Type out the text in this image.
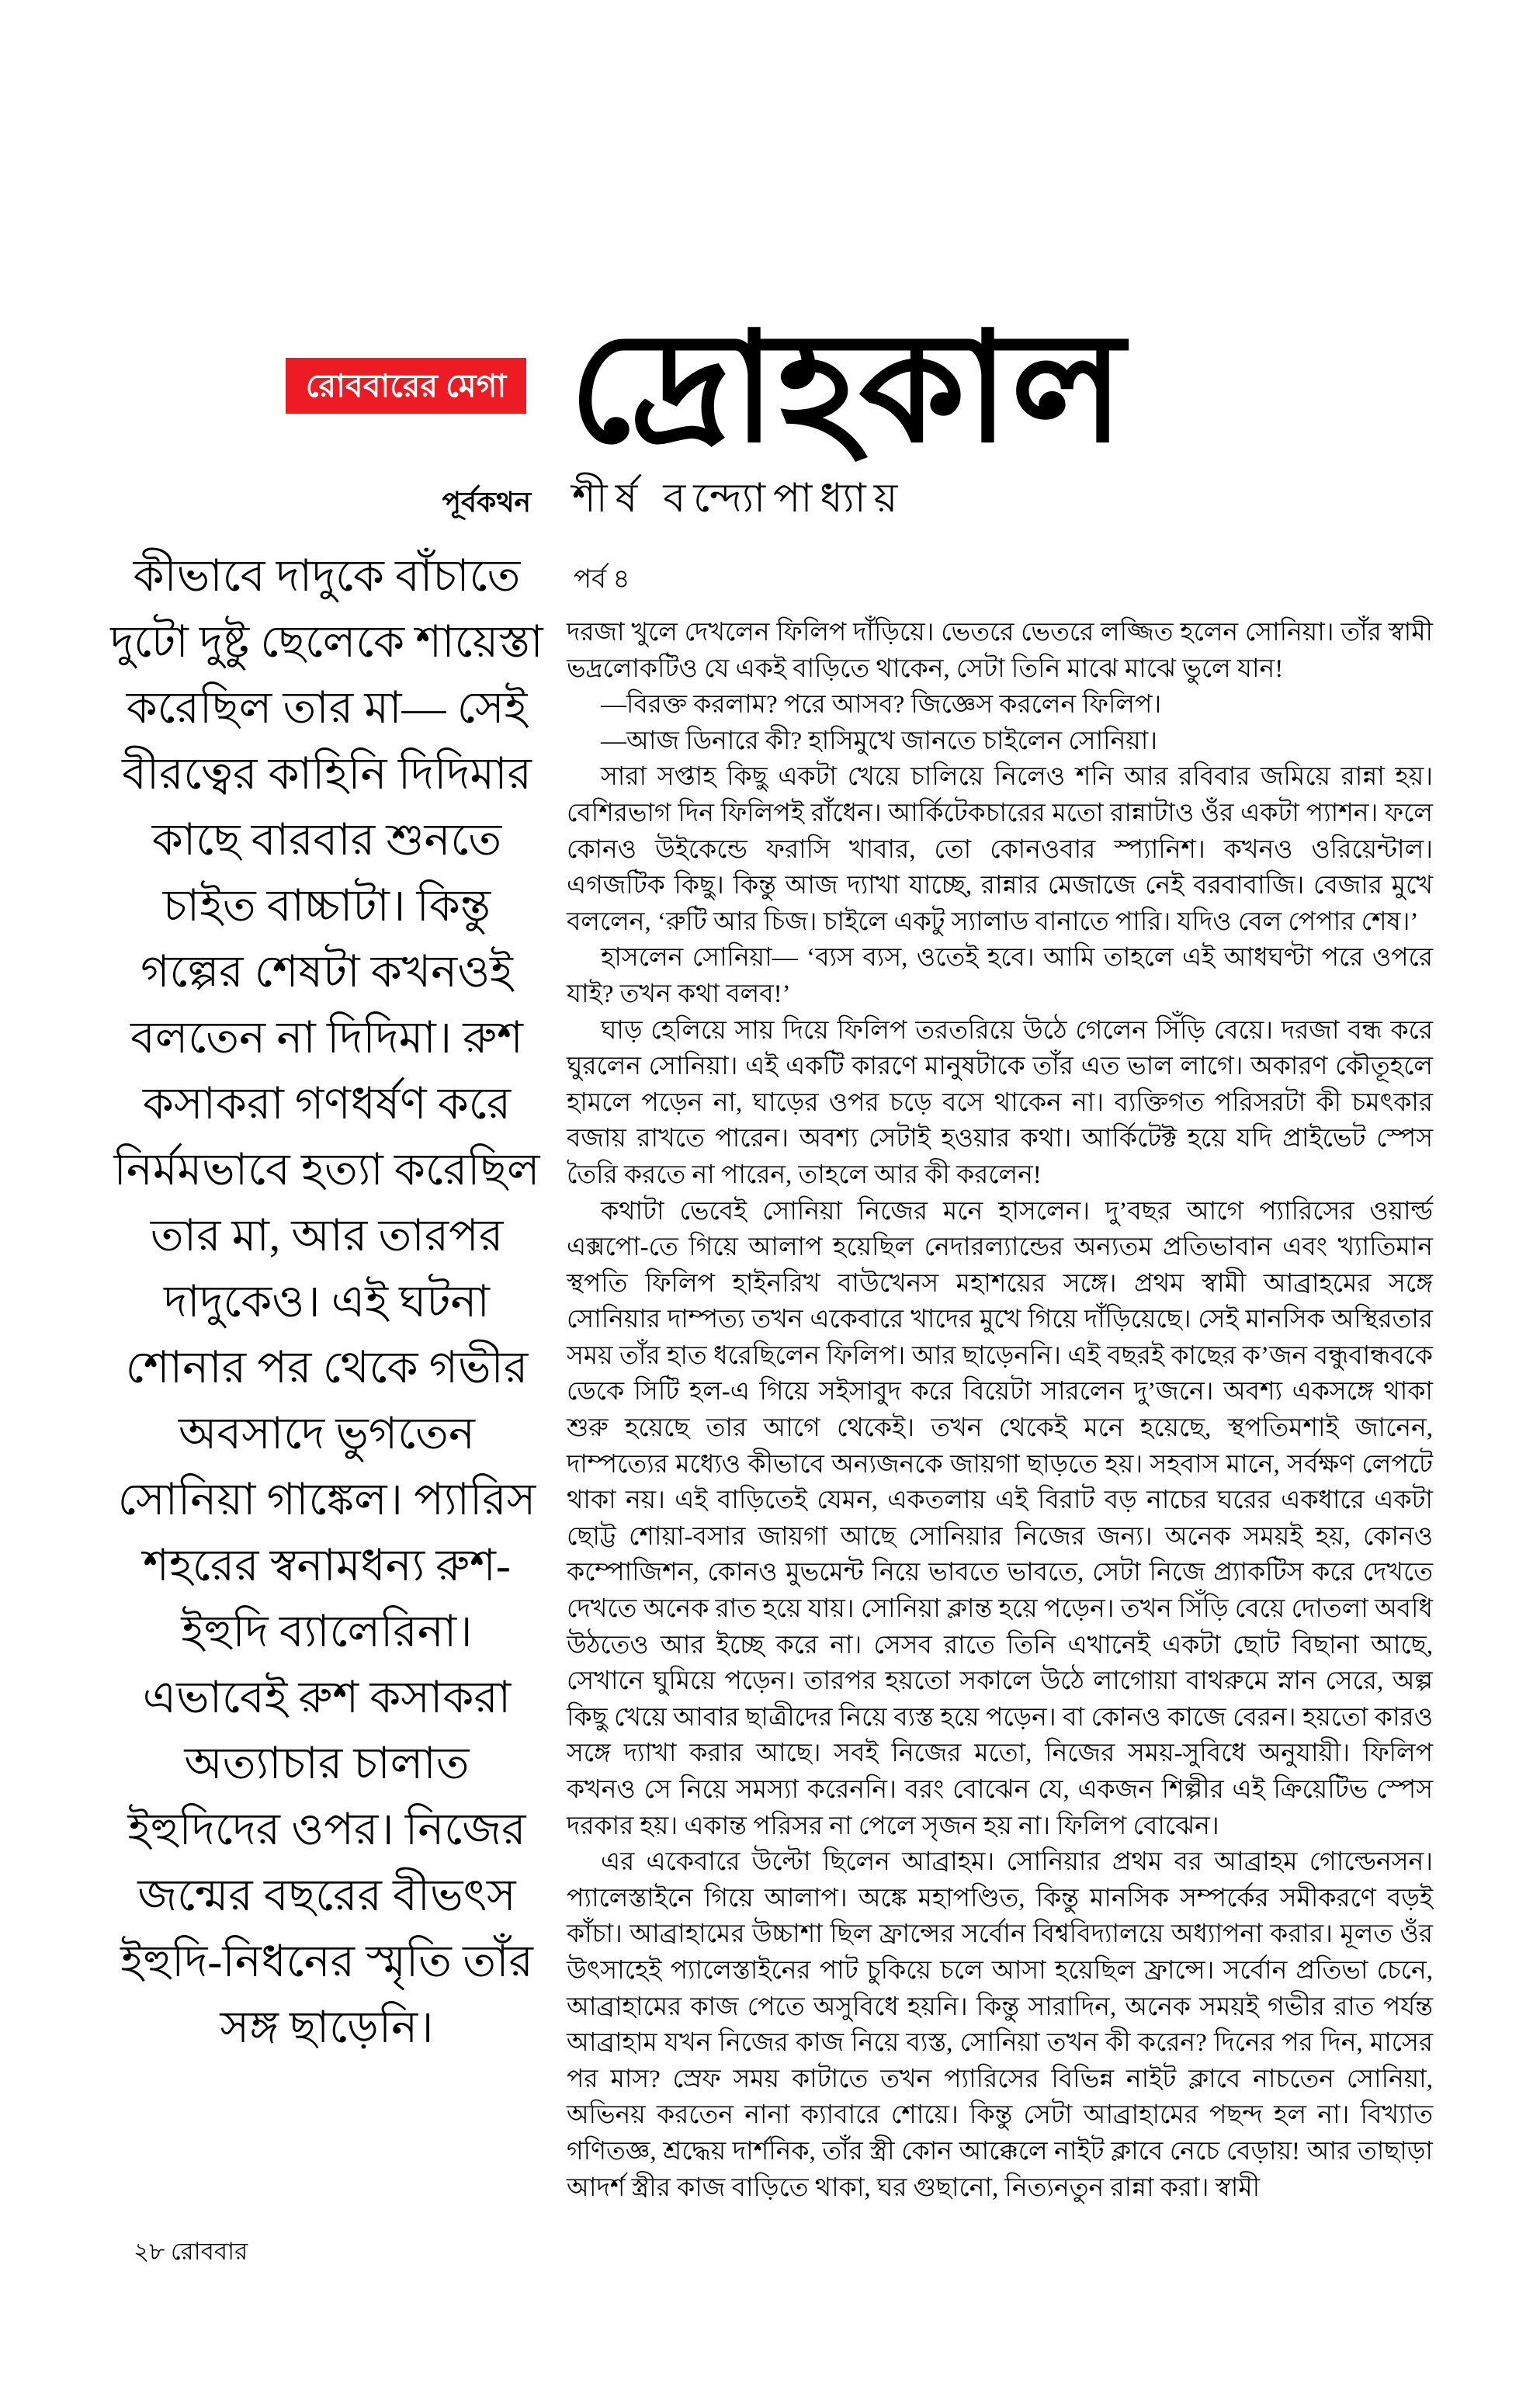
রোববারের মেগা দ্রোহকাল
পূর্বকথন শীর্ষ বন্দ্যোপাধ্যায়
পর্ব ৪
কীভাবে দাদুকে বাঁচাতে দুটো দুষ্টু ছেলেকে শায়েস্তা করেছিল তার মা— সেই বীরত্বের কাহিনি দিদিমার কাছে বারবার শুনতে চাইত বাচ্চাটা। কিন্তু গল্পের শেষটা কখনওই বলতেন না দিদিমা। রুশ কসাকরা গণধর্ষণ করে নির্মমভাবে হত্যা করেছিল তার মা, আর তারপর দাদুকেও। এই ঘটনা শোনার পর থেকে গভীর অবসাদে ভুগতেন সোনিয়া গাঙ্কেল। প্যারিস শহরের স্বনামধন্য রুশ-ইহুদি ব্যালেরিনা। এভাবেই রুশ কসাকরা অত্যাচার চালাত ইহুদিদের ওপর। নিজের জন্মের বছরের বীভৎস ইহুদি-নিধনের স্মৃতি তাঁর সঙ্গ ছাড়েনি।

দরজা খুলে দেখলেন ফিলিপ দাঁড়িয়ে। ভেতরে ভেতরে লজ্জিত হলেন সোনিয়া। তাঁর স্বামী ভদ্রলোকটিও যে একই বাড়িতে থাকেন, সেটা তিনি মাঝে মাঝে ভুলে যান!

—বিরক্ত করলাম? পরে আসব? জিজ্ঞেস করলেন ফিলিপ।

—আজ ডিনারে কী? হাসিমুখে জানতে চাইলেন সোনিয়া।

সারা সপ্তাহ কিছু একটা খেয়ে চালিয়ে নিলেও শনি আর রবিবার জমিয়ে রান্না হয়। বেশিরভাগ দিন ফিলিপই রাঁধেন। আর্কিটেকচারের মতো রান্নাটাও ওঁর একটা প্যাশন। ফলে কোনও উইকেন্ডে ফরাসি খাবার, তো কোনওবার স্প্যানিশ। কখনও ওরিয়েন্টাল। এগজটিক কিছু। কিন্তু আজ দ্যাখা যাচ্ছে, রান্নার মেজাজে নেই বরবাবাজি। বেজার মুখে বললেন, ‘রুটি আর চিজ। চাইলে একটু স্যালাড বানাতে পারি। যদিও বেল পেপার শেষ।’

হাসলেন সোনিয়া— ‘ব্যস ব্যস, ওতেই হবে। আমি তাহলে এই আধঘণ্টা পরে ওপরে যাই? তখন কথা বলব!’

ঘাড় হেলিয়ে সায় দিয়ে ফিলিপ তরতরিয়ে উঠে গেলেন সিঁড়ি বেয়ে। দরজা বন্ধ করে ঘুরলেন সোনিয়া। এই একটি কারণে মানুষটাকে তাঁর এত ভাল লাগে। অকারণ কৌতূহলে হামলে পড়েন না, ঘাড়ের ওপর চড়ে বসে থাকেন না। ব্যক্তিগত পরিসরটা কী চমৎকার বজায় রাখতে পারেন। অবশ্য সেটাই হওয়ার কথা। আর্কিটেক্ট হয়ে যদি প্রাইভেট স্পেস তৈরি করতে না পারেন, তাহলে আর কী করলেন!

কথাটা ভেবেই সোনিয়া নিজের মনে হাসলেন। দু’বছর আগে প্যারিসের ওয়ার্ল্ড এক্সপো-তে গিয়ে আলাপ হয়েছিল নেদারল্যান্ডের অন্যতম প্রতিভাবান এবং খ্যাতিমান স্থপতি ফিলিপ হাইনরিখ বাউখেনস মহাশয়ের সঙ্গে। প্রথম স্বামী আব্রাহমের সঙ্গে সোনিয়ার দাম্পত্য তখন একেবারে খাদের মুখে গিয়ে দাঁড়িয়েছে। সেই মানসিক অস্থিরতার সময় তাঁর হাত ধরেছিলেন ফিলিপ। আর ছাড়েননি। এই বছরই কাছের ক’জন বন্ধুবান্ধবকে ডেকে সিটি হল-এ গিয়ে সইসাবুদ করে বিয়েটা সারলেন দু’জনে। অবশ্য একসঙ্গে থাকা শুরু হয়েছে তার আগে থেকেই। তখন থেকেই মনে হয়েছে, স্থপতিমশাই জানেন, দাম্পত্যের মধ্যেও কীভাবে অন্যজনকে জায়গা ছাড়তে হয়। সহবাস মানে, সর্বক্ষণ লেপটে থাকা নয়। এই বাড়িতেই যেমন, একতলায় এই বিরাট বড় নাচের ঘরের একধারে একটা ছোট্ট শোয়া-বসার জায়গা আছে সোনিয়ার নিজের জন্য। অনেক সময়ই হয়, কোনও কম্পোজিশন, কোনও মুভমেন্ট নিয়ে ভাবতে ভাবতে, সেটা নিজে প্র্যাকটিস করে দেখতে দেখতে অনেক রাত হয়ে যায়। সোনিয়া ক্লান্ত হয়ে পড়েন। তখন সিঁড়ি বেয়ে দোতলা অবধি উঠতেও আর ইচ্ছে করে না। সেসব রাতে তিনি এখানেই একটা ছোট বিছানা আছে, সেখানে ঘুমিয়ে পড়েন। তারপর হয়তো সকালে উঠে লাগোয়া বাথরুমে স্নান সেরে, অল্প কিছু খেয়ে আবার ছাত্রীদের নিয়ে ব্যস্ত হয়ে পড়েন। বা কোনও কাজে বেরন। হয়তো কারও সঙ্গে দ্যাখা করার আছে। সবই নিজের মতো, নিজের সময়-সুবিধে অনুযায়ী। ফিলিপ কখনও সে নিয়ে সমস্যা করেননি। বরং বোঝেন যে, একজন শিল্পীর এই ক্রিয়েটিভ স্পেস দরকার হয়। একান্ত পরিসর না পেলে সৃজন হয় না। ফিলিপ বোঝেন।

এর একেবারে উল্টো ছিলেন আব্রাহম। সোনিয়ার প্রথম বর আব্রাহম গোল্ডেনসন। প্যালেস্তাইনে গিয়ে আলাপ। অঙ্কে মহাপণ্ডিত, কিন্তু মানসিক সম্পর্কের সমীকরণে বড়ই কাঁচা। আব্রাহামের উচ্চাশা ছিল ফ্রান্সের সর্বোন বিশ্ববিদ্যালয়ে অধ্যাপনা করার। মূলত ওঁর উৎসাহেই প্যালেস্তাইনের পাট চুকিয়ে চলে আসা হয়েছিল ফ্রান্সে। সর্বোন প্রতিভা চেনে, আব্রাহামের কাজ পেতে অসুবিধে হয়নি। কিন্তু সারাদিন, অনেক সময়ই গভীর রাত পর্যন্ত আব্রাহাম যখন নিজের কাজ নিয়ে ব্যস্ত, সোনিয়া তখন কী করেন? দিনের পর দিন, মাসের পর মাস? স্রেফ সময় কাটাতে তখন প্যারিসের বিভিন্ন নাইট ক্লাবে নাচতেন সোনিয়া, অভিনয় করতেন নানা ক্যাবারে শোয়ে। কিন্তু সেটা আব্রাহামের পছন্দ হল না। বিখ্যাত গণিতজ্ঞ, শ্রদ্ধেয় দার্শনিক, তাঁর স্ত্রী কোন আক্কেলে নাইট ক্লাবে নেচে বেড়ায়! আর তাছাড়া আদর্শ স্ত্রীর কাজ বাড়িতে থাকা, ঘর গুছানো, নিত্যনতুন রান্না করা। স্বামী

২৮ রোববার
